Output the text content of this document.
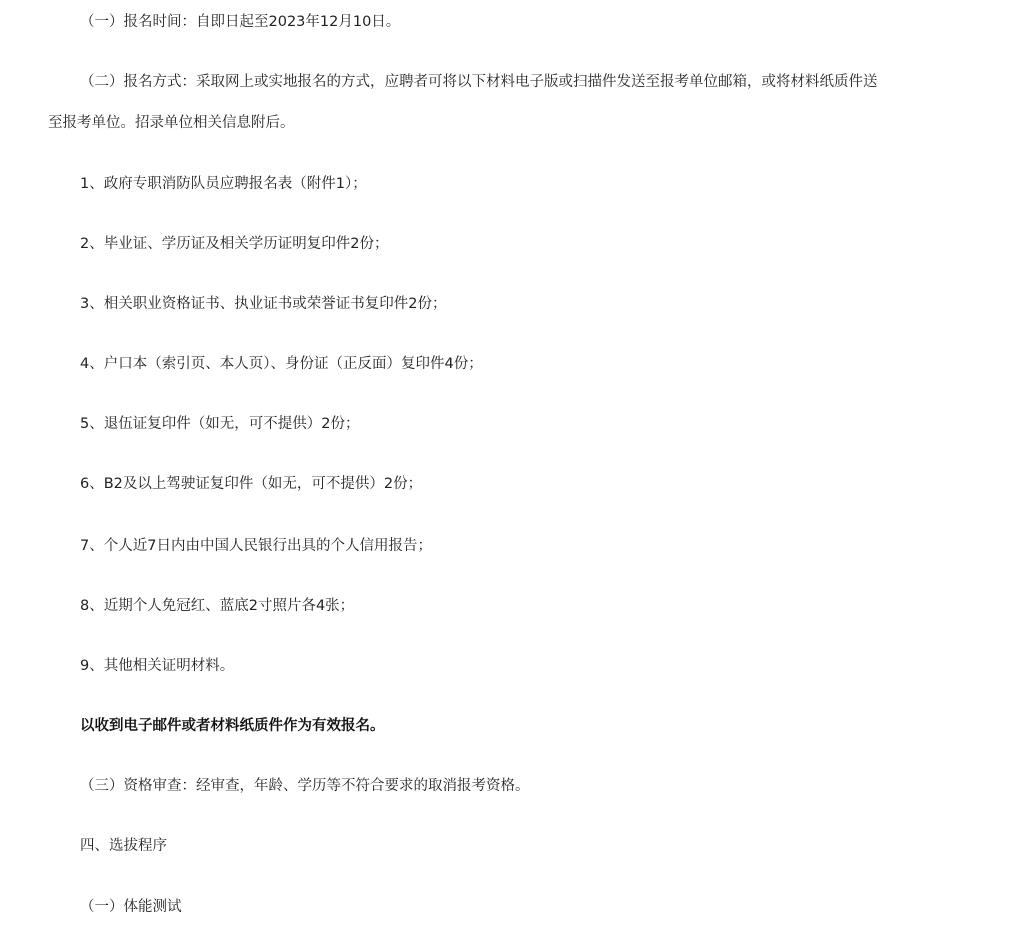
（一）报名时间：自即日起至2023年12月10日。
（二）报名方式：采取网上或实地报名的方式，应聘者可将以下材料电子版或扫描件发送至报考单位邮箱，或将材料纸质件送
至报考单位。招录单位相关信息附后。
1、政府专职消防队员应聘报名表（附件1）；
2、毕业证、学历证及相关学历证明复印件2份；
3、相关职业资格证书、执业证书或荣誉证书复印件2份；
4、户口本（索引页、本人页）、身份证（正反面）复印件4份；
5、退伍证复印件（如无，可不提供）2份；
6、B2及以上驾驶证复印件（如无，可不提供）2份；
7、个人近7日内由中国人民银行出具的个人信用报告；
8、近期个人免冠红、蓝底2寸照片各4张；
9、其他相关证明材料。
以收到电子邮件或者材料纸质件作为有效报名。
（三）资格审查：经审查，年龄、学历等不符合要求的取消报考资格。
四、选拔程序
（一）体能测试
